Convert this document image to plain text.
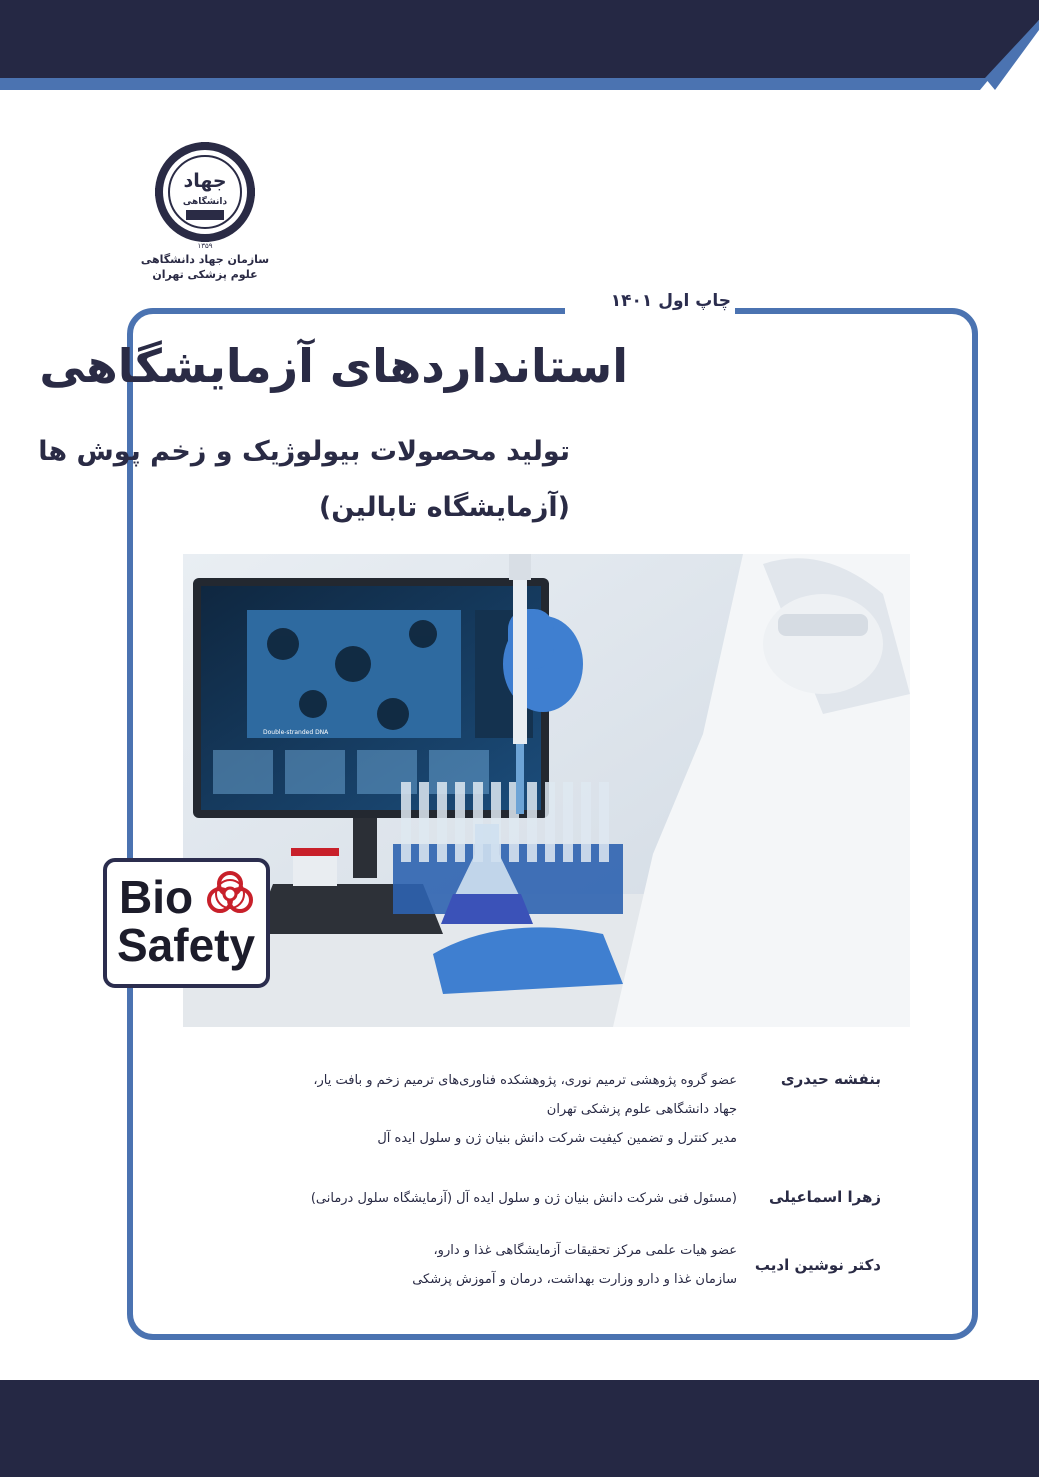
جهاد
دانشگاهی
۱۳۵۹
سازمان جهاد دانشگاهی
علوم پزشکی تهران
چاپ اول ۱۴۰۱
استانداردهای آزمایشگاهی
تولید محصولات بیولوژیک و زخم پوش ها
(آزمایشگاه تابالین)
Double-stranded DNA
Bio
Safety
بنفشه حیدری
عضو گروه پژوهشی ترمیم نوری، پژوهشکده فناوری‌های ترمیم زخم و بافت یار،
جهاد دانشگاهی علوم پزشکی تهران
مدیر کنترل و تضمین کیفیت شرکت دانش بنیان ژن و سلول ایده آل
زهرا اسماعیلی
(مسئول فنی شرکت دانش بنیان ژن و سلول ایده آل (آزمایشگاه سلول درمانی)
دکتر نوشین ادیب
عضو هیات علمی مرکز تحقیقات آزمایشگاهی غذا و دارو،
سازمان غذا و دارو وزارت بهداشت، درمان و آموزش پزشکی
